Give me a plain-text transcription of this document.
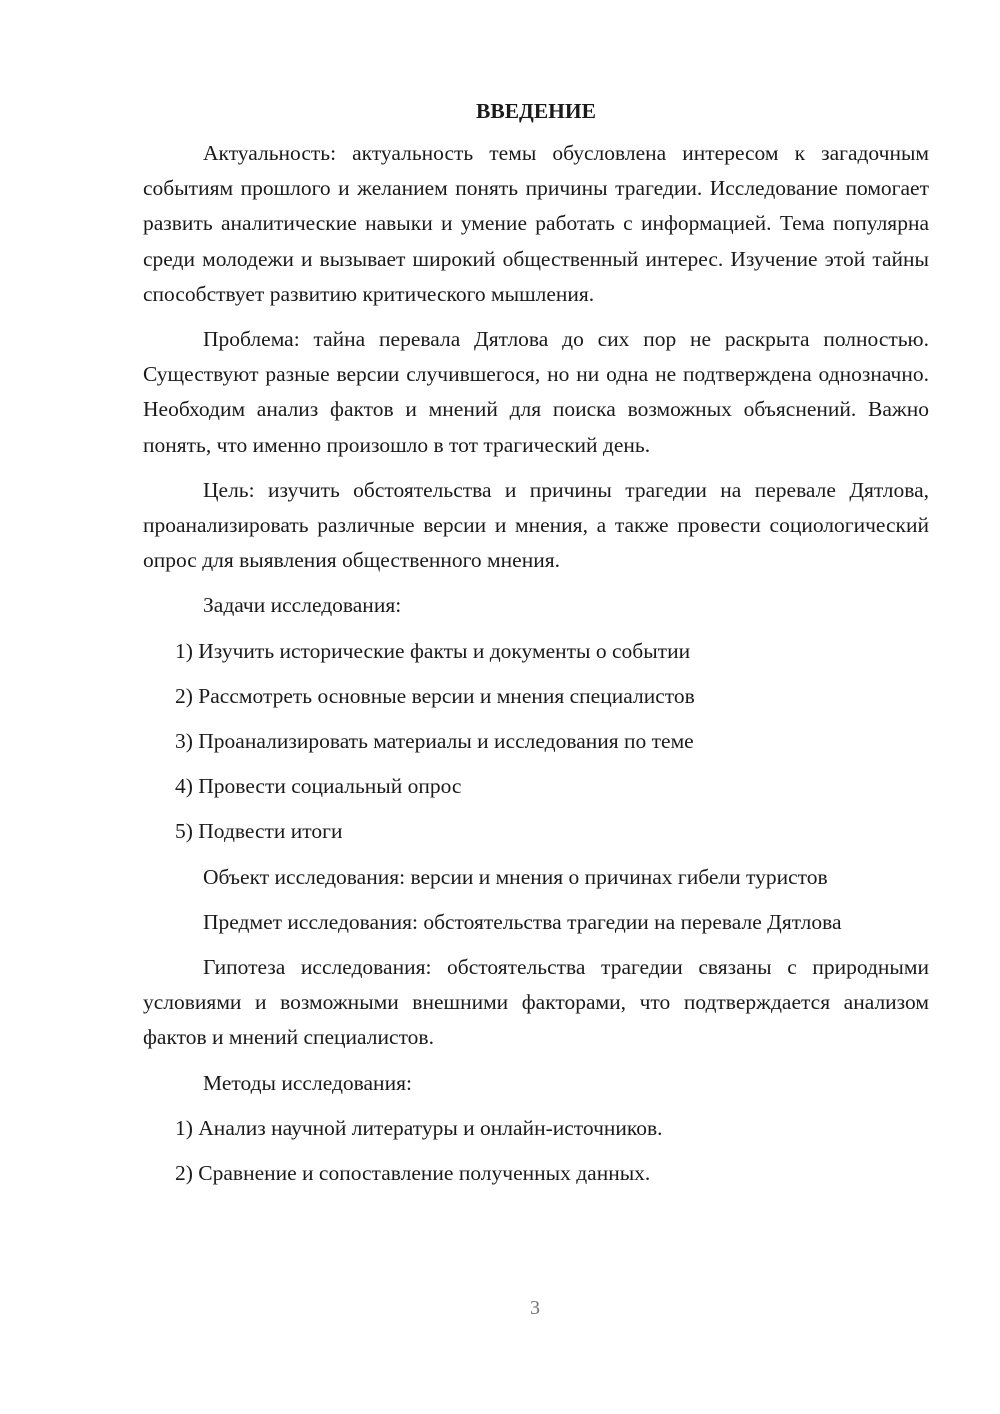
ВВЕДЕНИЕ

Актуальность: актуальность темы обусловлена интересом к загадочным событиям прошлого и желанием понять причины трагедии. Исследование помогает развить аналитические навыки и умение работать с информацией. Тема популярна среди молодежи и вызывает широкий общественный интерес. Изучение этой тайны способствует развитию критического мышления.

Проблема: тайна перевала Дятлова до сих пор не раскрыта полностью. Существуют разные версии случившегося, но ни одна не подтверждена однозначно. Необходим анализ фактов и мнений для поиска возможных объяснений. Важно понять, что именно произошло в тот трагический день.

Цель: изучить обстоятельства и причины трагедии на перевале Дятлова, проанализировать различные версии и мнения, а также провести социологический опрос для выявления общественного мнения.

Задачи исследования:
1) Изучить исторические факты и документы о событии
2) Рассмотреть основные версии и мнения специалистов
3) Проанализировать материалы и исследования по теме
4) Провести социальный опрос
5) Подвести итоги
Объект исследования: версии и мнения о причинах гибели туристов

Предмет исследования: обстоятельства трагедии на перевале Дятлова

Гипотеза исследования: обстоятельства трагедии связаны с природными условиями и возможными внешними факторами, что подтверждается анализом фактов и мнений специалистов.

Методы исследования:
1) Анализ научной литературы и онлайн-источников.
2) Сравнение и сопоставление полученных данных.
3
